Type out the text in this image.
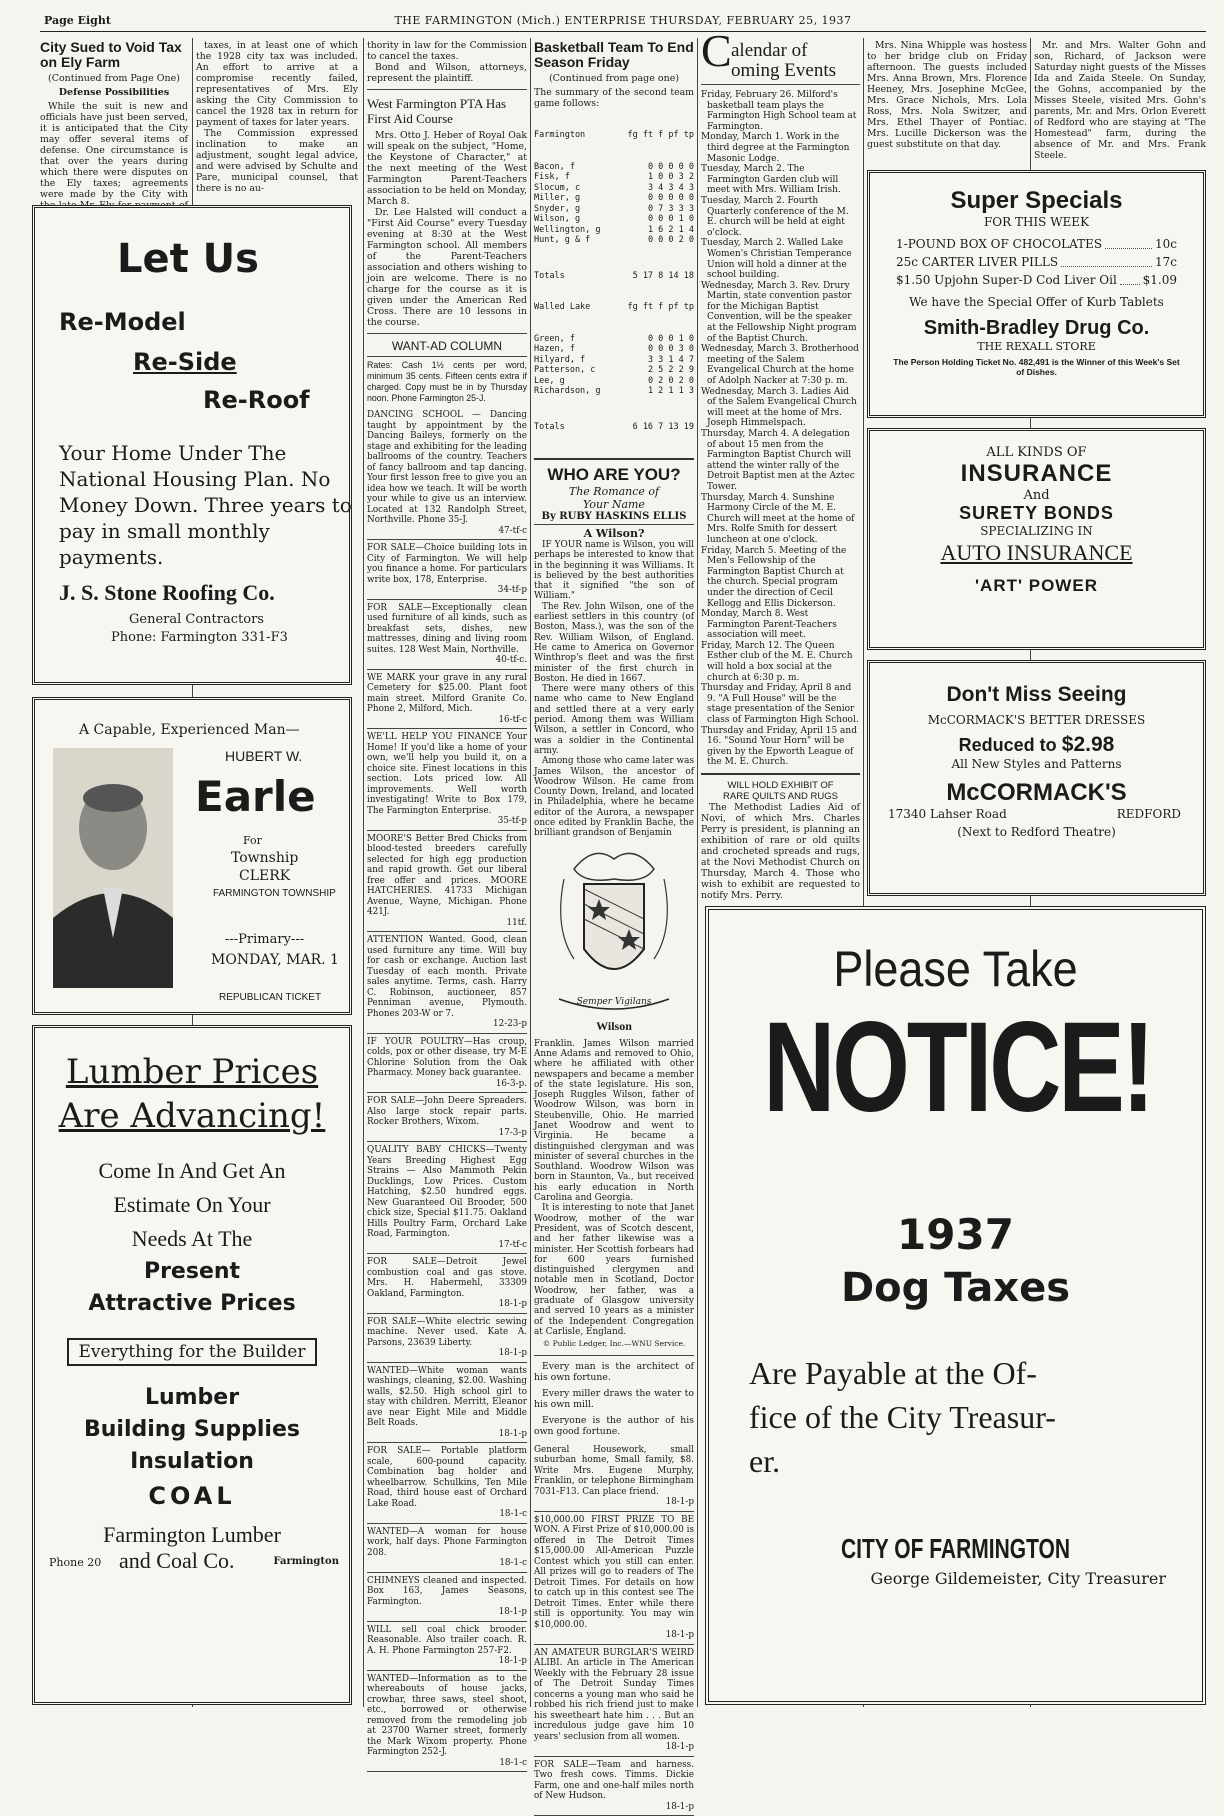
Page Eight	THE FARMINGTON (Mich.) ENTERPRISE THURSDAY, FEBRUARY 25, 1937
City Sued to Void Tax on Ely Farm
(Continued from Page One)
Defense Possibilities

While the suit is new and officials have just been served, it is anticipated that the City may offer several items of defense. One circumstance is that over the years during which there were disputes on the Ely taxes; agreements were made by the City with

taxes, in at least one of which the 1928 city tax was included. An effort to arrive at a compromise recently failed, representatives of Mrs. Ely asking the City Commission to cancel the 1928 tax in return for payment of taxes for later years.

The Commission expressed inclination to make an adjustment, sought legal advice, and were advised by Schulte and Pare, municipal counsel, that there is no au-

thority in law for the Commission to cancel the taxes.

Bond and Wilson, attorneys, represent the plaintiff.

West Farmington PTA Has First Aid Course

Mrs. Otto J. Heber of Royal Oak will speak on the subject, "Home, the Keystone of Character," at the next meeting of the West Farmington Parent-Teachers association to be held on Monday, March 8.

Dr. Lee Halsted will conduct a "First Aid Course" every Tuesday evening at 8:30 at the West Farmington school. All members of the Parent-Teachers association and others wishing to join are welcome. There is no charge for the course as it is given under the American Red Cross. There are 10 lessons in the course.

WANT-AD COLUMN
Rates: Cash 1½ cents per word, minimum 35 cents. Fifteen cents extra if charged. Copy must be in by Thursday noon. Phone Farmington 25-J.
DANCING SCHOOL — Dancing taught by appointment by the Dancing Baileys, formerly on the stage and exhibiting for the leading ballrooms of the country. Teachers of fancy ballroom and tap dancing. Your first lesson free to give you an idea how we teach. It will be worth your while to give us an interview. Located at 132 Randolph Street, Northville. Phone 35-J.
47-tf-c
FOR SALE—Choice building lots in City of Farmington. We will help you finance a home. For particulars write box, 178, Enterprise.
34-tf-p
FOR SALE—Exceptionally clean used furniture of all kinds, such as breakfast sets, dishes, new mattresses, dining and living room suites. 128 West Main, Northville.
40-tf-c.
WE MARK your grave in any rural Cemetery for $25.00. Plant foot main street. Milford Granite Co. Phone 2, Milford, Mich.
16-tf-c
WE'LL HELP YOU FINANCE Your Home! If you'd like a home of your own, we'll help you build it, on a choice site. Finest locations in this section. Lots priced low. All improvements. Well worth investigating! Write to Box 179, The Farmington Enterprise.
35-tf-p
MOORE'S Better Bred Chicks from blood-tested breeders carefully selected for high egg production and rapid growth. Get our liberal free offer and prices. MOORE HATCHERIES. 41733 Michigan Avenue, Wayne, Michigan. Phone 421J.
11tf.
ATTENTION Wanted. Good, clean used furniture any time. Will buy for cash or exchange. Auction last Tuesday of each month. Private sales anytime. Terms, cash. Harry C. Robinson, auctioneer, 857 Penniman avenue, Plymouth. Phones 203-W or 7.
12-23-p
IF YOUR POULTRY—Has croup, colds, pox or other disease, try M-E Chlorine Solution from the Oak Pharmacy. Money back guarantee.
16-3-p.
FOR SALE—John Deere Spreaders. Also large stock repair parts. Rocker Brothers, Wixom.
17-3-p
QUALITY BABY CHICKS—Twenty Years Breeding Highest Egg Strains — Also Mammoth Pekin Ducklings, Low Prices. Custom Hatching, $2.50 hundred eggs. New Guaranteed Oil Brooder, 500 chick size, Special $11.75. Oakland Hills Poultry Farm, Orchard Lake Road, Farmington.
17-tf-c
FOR SALE—Detroit Jewel combustion coal and gas stove. Mrs. H. Habermehl, 33309 Oakland, Farmington.
18-1-p
FOR SALE—White electric sewing machine. Never used. Kate A. Parsons, 23639 Liberty.
18-1-p
WANTED—White woman wants washings, cleaning, $2.00. Washing walls, $2.50. High school girl to stay with children. Merritt, Eleanor ave near Eight Mile and Middle Belt Roads.
18-1-p
FOR SALE— Portable platform scale, 600-pound capacity. Combination bag holder and wheelbarrow. Schulkins, Ten Mile Road, third house east of Orchard Lake Road.
18-1-c
WANTED—A woman for house work, half days. Phone Farmington 208.
18-1-c
CHIMNEYS cleaned and inspected. Box 163, James Seasons, Farmington.
18-1-p
WILL sell coal chick brooder. Reasonable. Also trailer coach. R. A. H. Phone Farmington 257-F2.
18-1-p
WANTED—Information as to the whereabouts of house jacks, crowbar, three saws, steel shoot, etc., borrowed or otherwise removed from the remodeling job at 23700 Warner street, formerly the Mark Wixom property. Phone Farmington 252-J.
18-1-c
Basketball Team To End Season Friday
(Continued from page one)
The summary of the second team game follows:

Farmington	fg ft f pf tp

Bacon, f	0 0 0 0 0
Fisk, f	1 0 0 3 2
Slocum, c	3 4 3 4 3
Miller, g	0 0 0 0 0
Snyder, g	0 7 3 3 3
Wilson, g	0 0 0 1 0
Wellington, g	1 6 2 1 4
Hunt, g & f	0 0 0 2 0

Totals	5 17 8 14 18

Walled Lake	fg ft f pf tp

Green, f	0 0 0 1 0
Hazen, f	0 0 0 3 0
Hilyard, f	3 3 1 4 7
Patterson, c	2 5 2 2 9
Lee, g	0 2 0 2 0
Richardson, g	1 2 1 1 3

Totals	6 16 7 13 19

WHO ARE YOU?
The Romance of
Your Name
By RUBY HASKINS ELLIS
A Wilson?

IF YOUR name is Wilson, you will perhaps be interested to know that in the beginning it was Williams. It is believed by the best authorities that it signified "the son of William."

The Rev. John Wilson, one of the earliest settlers in this country (of Boston, Mass.), was the son of the Rev. William Wilson, of England. He came to America on Governor Winthrop's fleet and was the first minister of the first church in Boston. He died in 1667.

There were many others of this name who came to New England and settled there at a very early period. Among them was William Wilson, a settler in Concord, who was a soldier in the Continental army.

Among those who came later was James Wilson, the ancestor of Woodrow Wilson. He came from County Down, Ireland, and located in Philadelphia, where he became editor of the Aurora, a newspaper once edited by Franklin Bache, the brilliant grandson of Benjamin

Semper Vigilans
Wilson

Franklin. James Wilson married Anne Adams and removed to Ohio, where he affiliated with other newspapers and became a member of the state legislature. His son, Joseph Ruggles Wilson, father of Woodrow Wilson, was born in Steubenville, Ohio. He married Janet Woodrow and went to Virginia. He became a distinguished clergyman and was minister of several churches in the Southland. Woodrow Wilson was born in Staunton, Va., but received his early education in North Carolina and Georgia.

It is interesting to note that Janet Woodrow, mother of the war President, was of Scotch descent, and her father likewise was a minister. Her Scottish forbears had for 600 years furnished distinguished clergymen and notable men in Scotland, Doctor Woodrow, her father, was a graduate of Glasgow university and served 10 years as a minister of the Independent Congregation at Carlisle, England.

© Public Ledger, Inc.—WNU Service.

Every man is the architect of his own fortune.

Every miller draws the water to his own mill.

Everyone is the author of his own good fortune.

General Housework, small suburban home, Small family, $8. Write Mrs. Eugene Murphy, Franklin, or telephone Birmingham 7031-F13. Can place friend.
18-1-p
$10,000.00 FIRST PRIZE TO BE WON. A First Prize of $10,000.00 is offered in The Detroit Times $15,000.00 All-American Puzzle Contest which you still can enter. All prizes will go to readers of The Detroit Times. For details on how to catch up in this contest see The Detroit Times. Enter while there still is opportunity. You may win $10,000.00.
18-1-p
AN AMATEUR BURGLAR'S WEIRD ALIBI. An article in The American Weekly with the February 28 issue of The Detroit Sunday Times concerns a young man who said he robbed his rich friend just to make his sweetheart hate him . . . But an incredulous judge gave him 10 years' seclusion from all women.
18-1-p
FOR SALE—Team and harness. Two fresh cows. Timms. Dickie Farm, one and one-half miles north of New Hudson.
18-1-p
C alendar of
oming Events
Friday, February 26. Milford's basketball team plays the Farmington High School team at Farmington.
Monday, March 1. Work in the third degree at the Farmington Masonic Lodge.
Tuesday, March 2. The Farmington Garden club will meet with Mrs. William Irish.
Tuesday, March 2. Fourth Quarterly conference of the M. E. church will be held at eight o'clock.
Tuesday, March 2. Walled Lake Women's Christian Temperance Union will hold a dinner at the school building.
Wednesday, March 3. Rev. Drury Martin, state convention pastor for the Michigan Baptist Convention, will be the speaker at the Fellowship Night program of the Baptist Church.
Wednesday, March 3. Brotherhood meeting of the Salem Evangelical Church at the home of Adolph Nacker at 7:30 p. m.
Wednesday, March 3. Ladies Aid of the Salem Evangelical Church will meet at the home of Mrs. Joseph Himmelspach.
Thursday, March 4. A delegation of about 15 men from the Farmington Baptist Church will attend the winter rally of the Detroit Baptist men at the Aztec Tower.
Thursday, March 4. Sunshine Harmony Circle of the M. E. Church will meet at the home of Mrs. Rolfe Smith for dessert luncheon at one o'clock.
Friday, March 5. Meeting of the Men's Fellowship of the Farmington Baptist Church at the church. Special program under the direction of Cecil Kellogg and Ellis Dickerson.
Monday, March 8. West Farmington Parent-Teachers association will meet.
Friday, March 12. The Queen Esther club of the M. E. Church will hold a box social at the church at 6:30 p. m.
Thursday and Friday, April 8 and 9. "A Full House" will be the stage presentation of the Senior class of Farmington High School.
Thursday and Friday, April 15 and 16. "Sound Your Horn" will be given by the Epworth League of the M. E. Church.
WILL HOLD EXHIBIT OF
RARE QUILTS AND RUGS

The Methodist Ladies Aid of Novi, of which Mrs. Charles Perry is president, is planning an exhibition of rare or old quilts and crocheted spreads and rugs, at the Novi Methodist Church on Thursday, March 4. Those who wish to exhibit are requested to notify Mrs. Perry.

Mrs. Nina Whipple was hostess to her bridge club on Friday afternoon. The guests included Mrs. Anna Brown, Mrs. Florence Heeney, Mrs. Josephine McGee, Mrs. Grace Nichols, Mrs. Lola Ross, Mrs. Nola Switzer, and Mrs. Ethel Thayer of Pontiac. Mrs. Lucille Dickerson was the guest substitute on that day.

Mr. and Mrs. Walter Gohn and son, Richard, of Jackson were Saturday night guests of the Misses Ida and Zaida Steele. On Sunday, the Gohns, accompanied by the Misses Steele, visited Mrs. Gohn's parents, Mr. and Mrs. Orlon Everett of Redford who are staying at "The Homestead" farm, during the absence of Mr. and Mrs. Frank Steele.

Let Us
Re-Model
Re-Side
Re-Roof
Your Home Under The National Housing Plan. No Money Down. Three years to pay in small monthly payments.
J. S. Stone Roofing Co.
General Contractors
Phone: Farmington 331-F3
A Capable, Experienced Man—
HUBERT W.
Earle
For
Township
CLERK
FARMINGTON TOWNSHIP
---Primary---
MONDAY, MAR. 1
REPUBLICAN TICKET
Lumber Prices
Are Advancing!
Come In And Get An
Estimate On Your
Needs At The
Present
Attractive Prices
Everything for the Builder
Lumber
Building Supplies
Insulation
COAL
Farmington Lumber
Phone 20 and Coal Co.	Farmington
Super Specials
FOR THIS WEEK
1-POUND BOX OF CHOCOLATES	10c
25c CARTER LIVER PILLS	17c
$1.50 Upjohn Super-D Cod Liver Oil $1.09
We have the Special Offer of Kurb Tablets
Smith-Bradley Drug Co.
THE REXALL STORE
The Person Holding Ticket No. 482,491 is the Winner of this Week's Set of Dishes.
ALL KINDS OF
INSURANCE
And
SURETY BONDS
SPECIALIZING IN
AUTO INSURANCE
'ART' POWER
Don't Miss Seeing
McCORMACK'S BETTER DRESSES
Reduced to $2.98
All New Styles and Patterns
McCORMACK'S
17340 Lahser Road	REDFORD
(Next to Redford Theatre)
Please Take
NOTICE!
1937
Dog Taxes
Are Payable at the Of-
fice of the City Treasur-
er.
CITY OF FARMINGTON
George Gildemeister, City Treasurer
